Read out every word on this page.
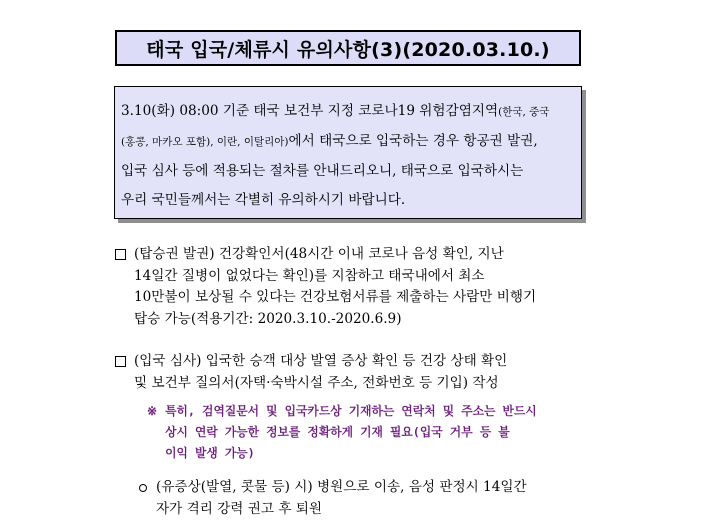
태국 입국/체류시 유의사항(3)(2020.03.10.)
3.10(화) 08:00 기준 태국 보건부 지정 코로나19 위험감염지역(한국, 중국
(홍콩, 마카오 포함), 이란, 이탈리아)에서 태국으로 입국하는 경우 항공권 발권,
입국 심사 등에 적용되는 절차를 안내드리오니, 태국으로 입국하시는
우리 국민들께서는 각별히 유의하시기 바랍니다.
(탑승권 발권) 건강확인서(48시간 이내 코로나 음성 확인, 지난
14일간 질병이 없었다는 확인)를 지참하고 태국내에서 최소
10만불이 보상될 수 있다는 건강보험서류를 제출하는 사람만 비행기
탑승 가능(적용기간: 2020.3.10.-2020.6.9)
(입국 심사) 입국한 승객 대상 발열 증상 확인 등 건강 상태 확인
및 보건부 질의서(자택·숙박시설 주소, 전화번호 등 기입) 작성
※ 특히, 검역질문서 및 입국카드상 기재하는 연락처 및 주소는 반드시
상시 연락 가능한 정보를 정확하게 기재 필요(입국 거부 등 불
이익 발생 가능)
(유증상(발열, 콧물 등) 시) 병원으로 이송, 음성 판정시 14일간
자가 격리 강력 권고 후 퇴원
